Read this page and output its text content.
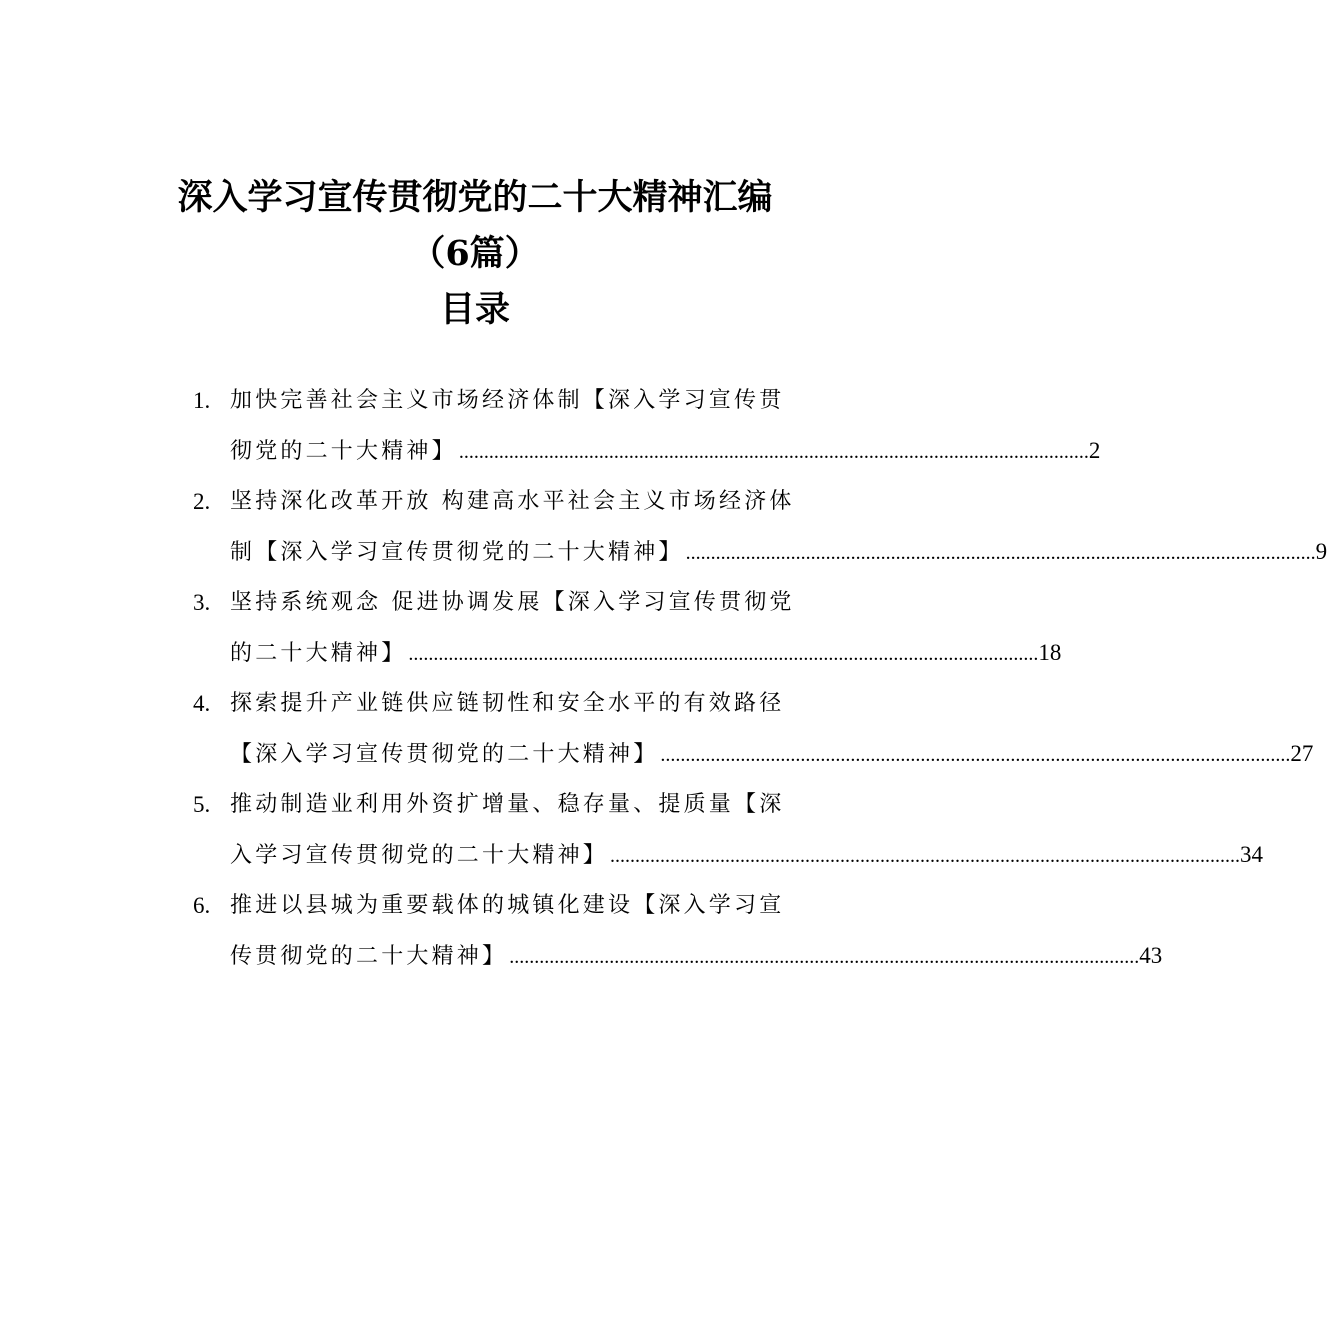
深入学习宣传贯彻党的二十大精神汇编
（6篇）
目录
1. 加快完善社会主义市场经济体制【深入学习宣传贯
彻党的二十大精神】 .............................................................................................................................. 2
2. 坚持深化改革开放 构建高水平社会主义市场经济体
制【深入学习宣传贯彻党的二十大精神】 .............................................................................................................................. 9
3. 坚持系统观念 促进协调发展【深入学习宣传贯彻党
的二十大精神】 .............................................................................................................................. 18
4. 探索提升产业链供应链韧性和安全水平的有效路径
【深入学习宣传贯彻党的二十大精神】 .............................................................................................................................. 27
5. 推动制造业利用外资扩增量、稳存量、提质量【深
入学习宣传贯彻党的二十大精神】 .............................................................................................................................. 34
6. 推进以县城为重要载体的城镇化建设【深入学习宣
传贯彻党的二十大精神】 .............................................................................................................................. 43
